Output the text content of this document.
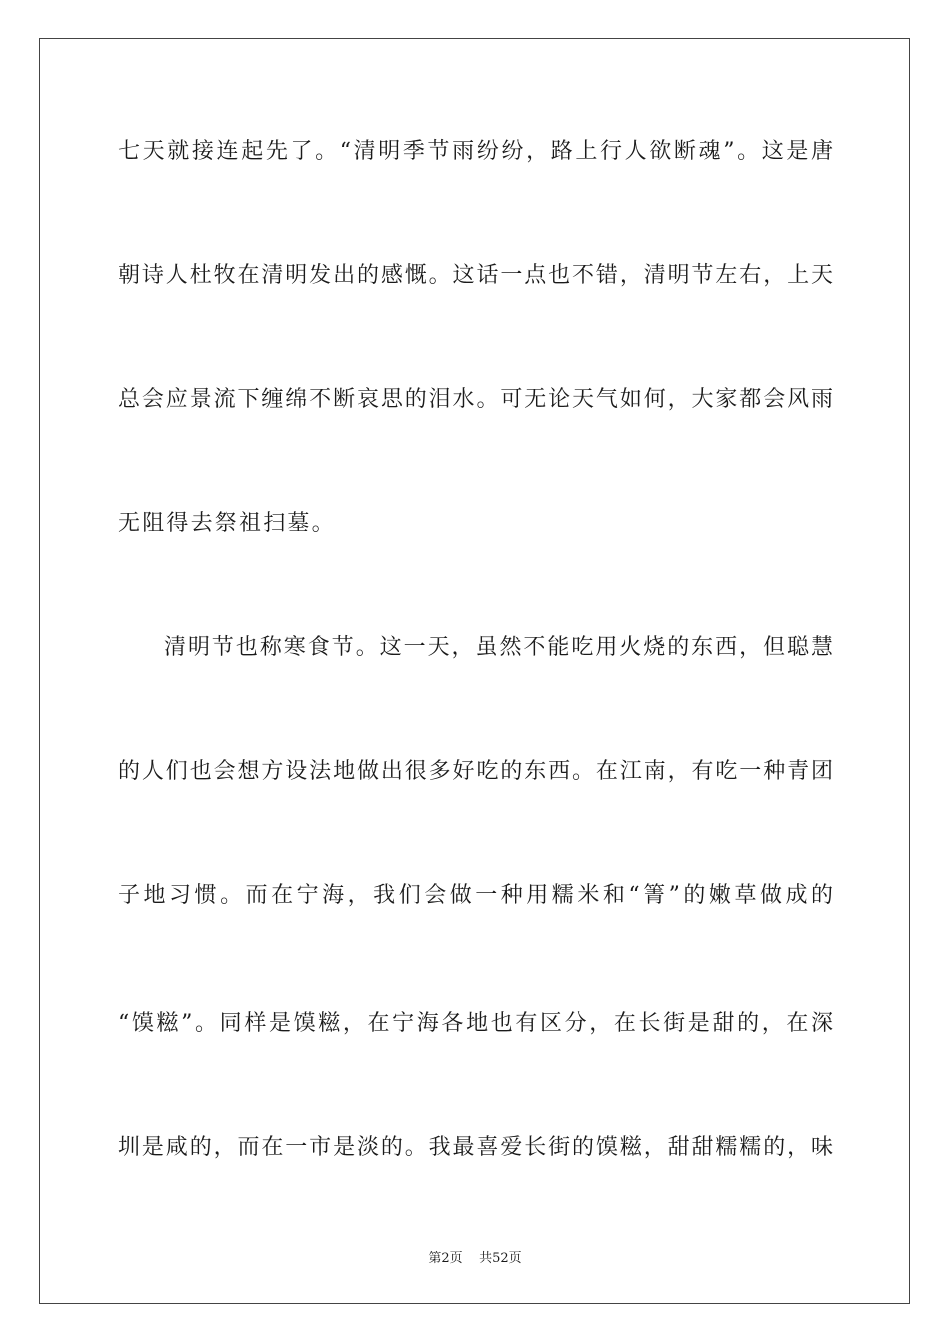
七天就接连起先了。“清明季节雨纷纷，路上行人欲断魂”。这是唐
朝诗人杜牧在清明发出的感慨。这话一点也不错，清明节左右，上天
总会应景流下缠绵不断哀思的泪水。可无论天气如何，大家都会风雨
无阻得去祭祖扫墓。
清明节也称寒食节。这一天，虽然不能吃用火烧的东西，但聪慧
的人们也会想方设法地做出很多好吃的东西。在江南，有吃一种青团
子地习惯。而在宁海，我们会做一种用糯米和“箐”的嫩草做成的
“馍糍”。同样是馍糍，在宁海各地也有区分，在长街是甜的，在深
圳是咸的，而在一市是淡的。我最喜爱长街的馍糍，甜甜糯糯的，味
第2页 共52页
